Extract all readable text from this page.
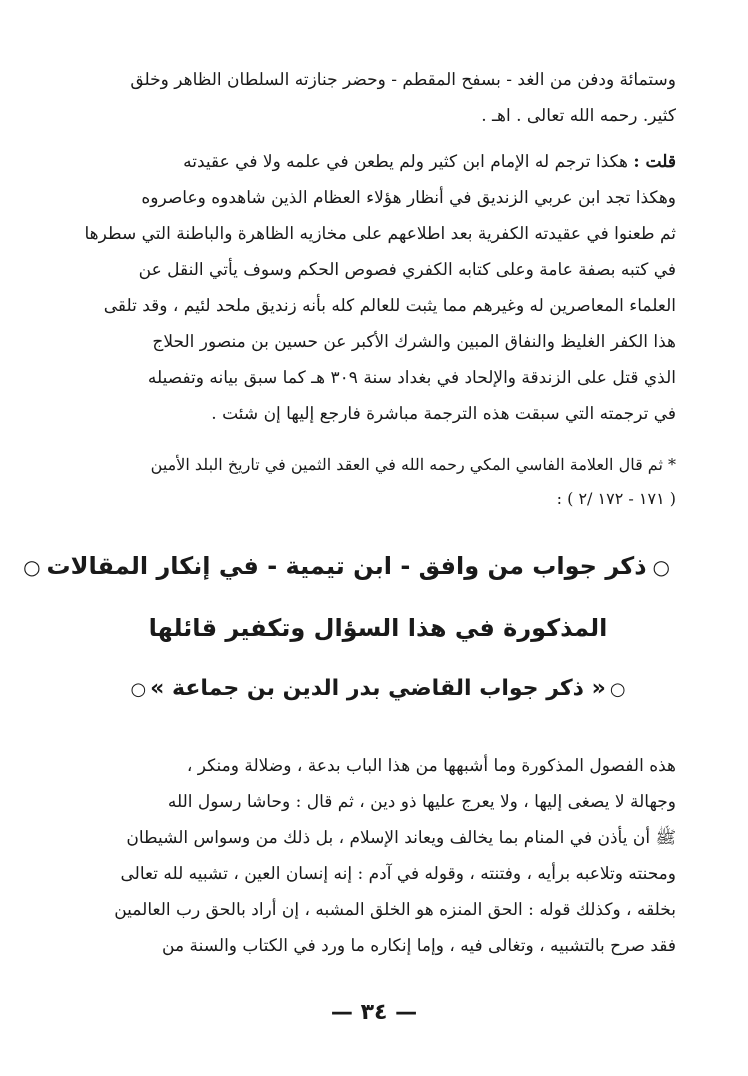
وستمائة ودفن من الغد - بسفح المقطم - وحضر جنازته السلطان الظاهر وخلق
كثير. رحمه الله تعالى . اهـ .
قلت : هكذا ترجم له الإمام ابن كثير ولم يطعن في علمه ولا في عقيدته
وهكذا تجد ابن عربي الزنديق في أنظار هؤلاء العظام الذين شاهدوه وعاصروه
ثم طعنوا في عقيدته الكفرية بعد اطلاعهم على مخازيه الظاهرة والباطنة التي سطرها
في كتبه بصفة عامة وعلى كتابه الكفري فصوص الحكم وسوف يأتي النقل عن
العلماء المعاصرين له وغيرهم مما يثبت للعالم كله بأنه زنديق ملحد لئيم ، وقد تلقى
هذا الكفر الغليظ والنفاق المبين والشرك الأكبر عن حسين بن منصور الحلاج
الذي قتل على الزندقة والإلحاد في بغداد سنة ٣٠٩ هـ كما سبق بيانه وتفصيله
في ترجمته التي سبقت هذه الترجمة مباشرة فارجع إليها إن شئت .
* ثم قال العلامة الفاسي المكي رحمه الله في العقد الثمين في تاريخ البلد الأمين
( ١٧١ - ١٧٢ /٢ ) :
○ذكر جواب من وافق - ابن تيمية - في إنكار المقالات○
المذكورة في هذا السؤال وتكفير قائلها
○« ذكر جواب القاضي بدر الدين بن جماعة »○
هذه الفصول المذكورة وما أشبهها من هذا الباب بدعة ، وضلالة ومنكر ،
وجهالة لا يصغى إليها ، ولا يعرج عليها ذو دين ، ثم قال : وحاشا رسول الله
ﷺ أن يأذن في المنام بما يخالف ويعاند الإسلام ، بل ذلك من وسواس الشيطان
ومحنته وتلاعبه برأيه ، وفتنته ، وقوله في آدم : إنه إنسان العين ، تشبيه لله تعالى
بخلقه ، وكذلك قوله : الحق المنزه هو الخلق المشبه ، إن أراد بالحق رب العالمين
فقد صرح بالتشبيه ، وتغالى فيه ، وإما إنكاره ما ورد في الكتاب والسنة من
— ٣٤ —
